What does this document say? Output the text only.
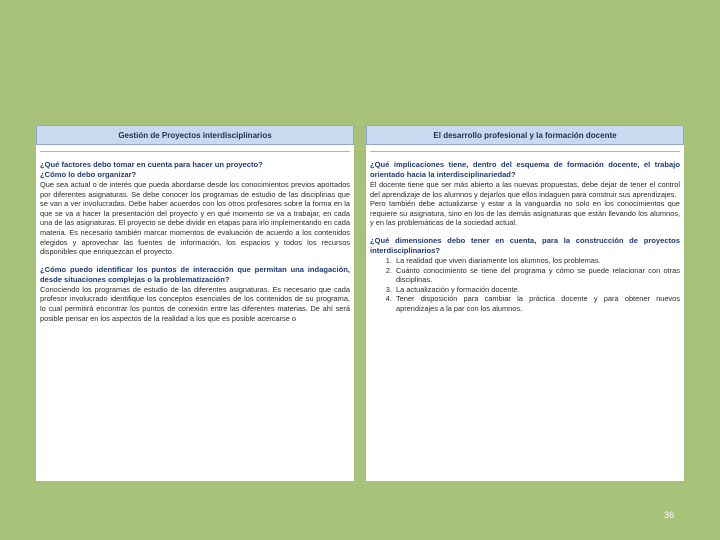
Gestión de Proyectos interdisciplinarios

¿Qué factores debo tomar en cuenta para hacer un proyecto?

¿Cómo lo debo organizar?

Que sea actual o de interés que pueda abordarse desde los conocimientos previos aportados por diferentes asignaturas. Se debe conocer los programas de estudio de las disciplinas que se van a ver involucradas. Debe haber acuerdos con los otros profesores sobre la forma en la que se va a hacer la presentación del proyecto y en qué momento se va a trabajar, en cada una de las asignaturas. El proyecto se debe dividir en etapas para irlo implementando en cada materia. Es necesario también marcar momentos de evaluación de acuerdo a los contenidos elegidos y aprovechar las fuentes de información, los espacios y todos los recursos disponibles que enriquezcan el proyecto.

¿Cómo puedo identificar los puntos de interacción que permitan una indagación, desde situaciones complejas o la problematización?

Conociendo los programas de estudio de las diferentes asignaturas. Es necesario que cada profesor involucrado identifique los conceptos esenciales de los contenidos de su programa, lo cual permitirá encontrar los puntos de conexión entre las diferentes materias. De ahí será posible pensar en los aspectos de la realidad a los que es posible acercarse o

El desarrollo profesional y la formación docente

¿Qué implicaciones tiene, dentro del esquema de formación docente, el trabajo orientado hacia la interdisciplinariedad?

El docente tiene que ser más abierto a las nuevas propuestas, debe dejar de tener el control del aprendizaje de los alumnos y dejarlos que ellos indaguen para construir sus aprendizajes.

Pero también debe actualizarse y estar a la vanguardia no solo en los conocimientos que requiere su asignatura, sino en los de las demás asignaturas que están llevando los alumnos, y en las problemáticas de la sociedad actual.

¿Qué dimensiones debo tener en cuenta, para la construcción de proyectos interdisciplinarios?

1. La realidad que viven diariamente los alumnos, los problemas.
2. Cuánto conocimiento se tiene del programa y cómo se puede relacionar con otras disciplinas.
3. La actualización y formación docente.
4. Tener disposición para cambiar la práctica docente y para obtener nuevos aprendizajes a la par con los alumnos.
36
